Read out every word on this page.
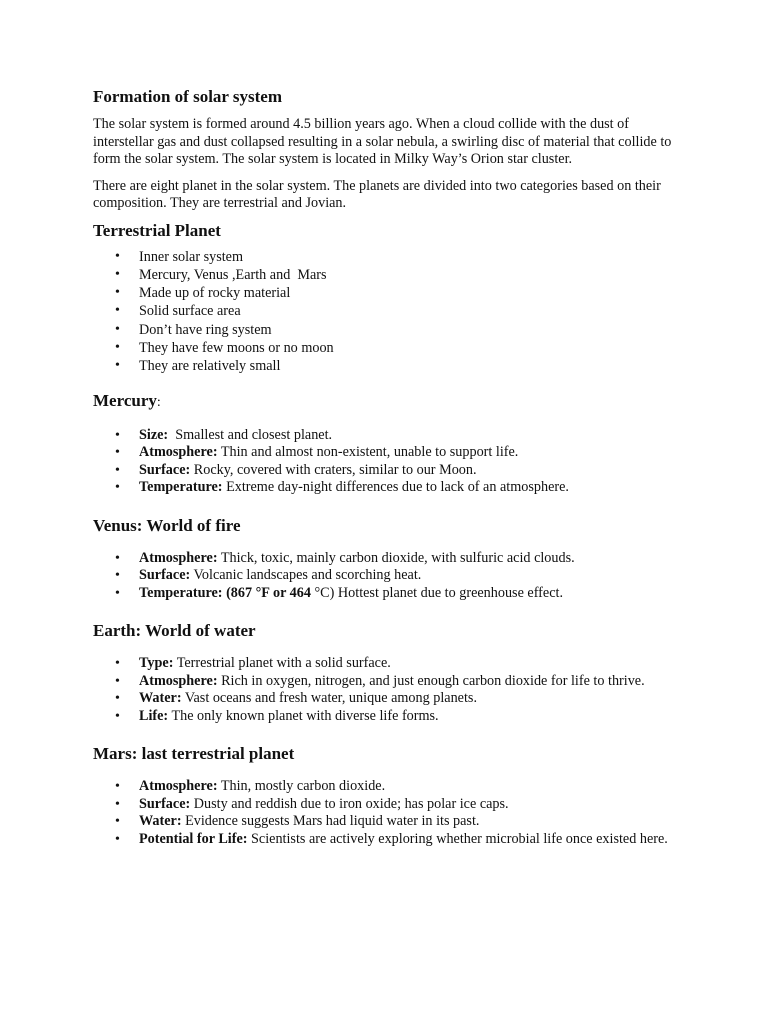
Formation of solar system

The solar system is formed around 4.5 billion years ago. When a cloud collide with the dust of interstellar gas and dust collapsed resulting in a solar nebula, a swirling disc of material that collide to form the solar system. The solar system is located in Milky Way’s Orion star cluster.

There are eight planet in the solar system. The planets are divided into two categories based on their composition. They are terrestrial and Jovian.

Terrestrial Planet
• Inner solar system
• Mercury, Venus ,Earth and  Mars
• Made up of rocky material
• Solid surface area
• Don’t have ring system
• They have few moons or no moon
• They are relatively small
Mercury:
• Size:  Smallest and closest planet.
• Atmosphere: Thin and almost non-existent, unable to support life.
• Surface: Rocky, covered with craters, similar to our Moon.
• Temperature: Extreme day-night differences due to lack of an atmosphere.
Venus: World of fire
• Atmosphere: Thick, toxic, mainly carbon dioxide, with sulfuric acid clouds.
• Surface: Volcanic landscapes and scorching heat.
• Temperature: (867 °F or 464 °C) Hottest planet due to greenhouse effect.
Earth: World of water
• Type: Terrestrial planet with a solid surface.
• Atmosphere: Rich in oxygen, nitrogen, and just enough carbon dioxide for life to thrive.
• Water: Vast oceans and fresh water, unique among planets.
• Life: The only known planet with diverse life forms.
Mars: last terrestrial planet
• Atmosphere: Thin, mostly carbon dioxide.
• Surface: Dusty and reddish due to iron oxide; has polar ice caps.
• Water: Evidence suggests Mars had liquid water in its past.
• Potential for Life: Scientists are actively exploring whether microbial life once existed here.
